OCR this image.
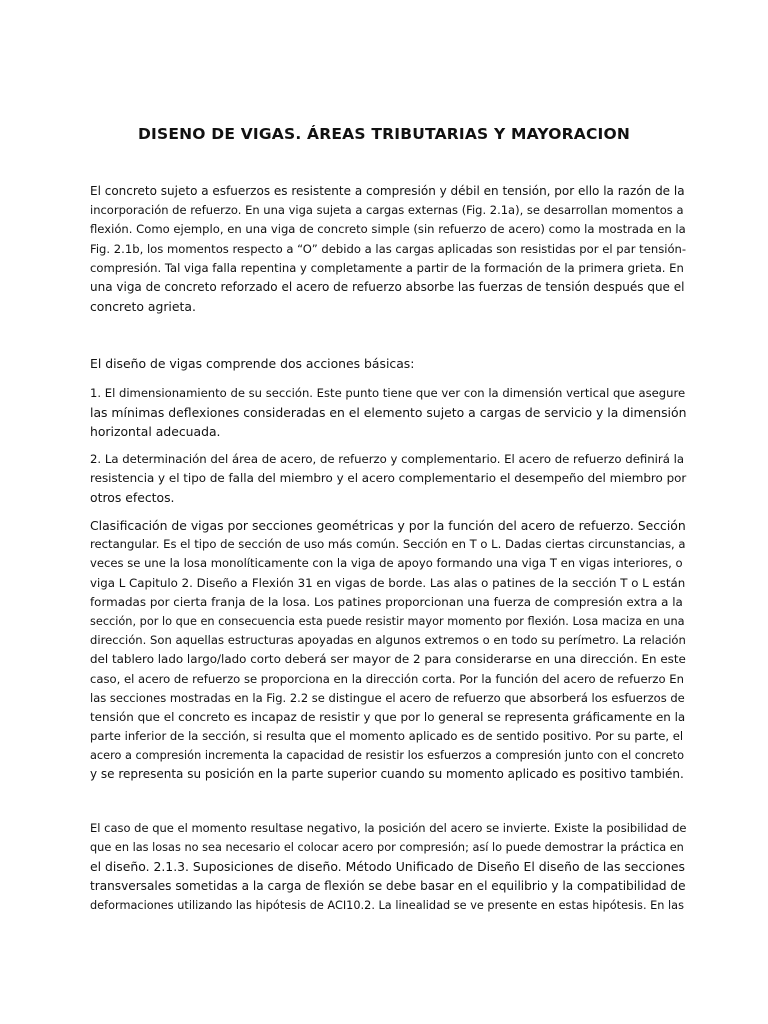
DISENO DE VIGAS. ÁREAS TRIBUTARIAS Y MAYORACION
El concreto sujeto a esfuerzos es resistente a compresión y débil en tensión, por ello la razón de la
incorporación de refuerzo. En una viga sujeta a cargas externas (Fig. 2.1a), se desarrollan momentos a
flexión. Como ejemplo, en una viga de concreto simple (sin refuerzo de acero) como la mostrada en la
Fig. 2.1b, los momentos respecto a “O” debido a las cargas aplicadas son resistidas por el par tensión-
compresión. Tal viga falla repentina y completamente a partir de la formación de la primera grieta. En
una viga de concreto reforzado el acero de refuerzo absorbe las fuerzas de tensión después que el
concreto agrieta.
El diseño de vigas comprende dos acciones básicas:
1. El dimensionamiento de su sección. Este punto tiene que ver con la dimensión vertical que asegure
las mínimas deflexiones consideradas en el elemento sujeto a cargas de servicio y la dimensión
horizontal adecuada.
2. La determinación del área de acero, de refuerzo y complementario. El acero de refuerzo definirá la
resistencia y el tipo de falla del miembro y el acero complementario el desempeño del miembro por
otros efectos.
Clasificación de vigas por secciones geométricas y por la función del acero de refuerzo. Sección
rectangular. Es el tipo de sección de uso más común. Sección en T o L. Dadas ciertas circunstancias, a
veces se une la losa monolíticamente con la viga de apoyo formando una viga T en vigas interiores, o
viga L Capitulo 2. Diseño a Flexión 31 en vigas de borde. Las alas o patines de la sección T o L están
formadas por cierta franja de la losa. Los patines proporcionan una fuerza de compresión extra a la
sección, por lo que en consecuencia esta puede resistir mayor momento por flexión. Losa maciza en una
dirección. Son aquellas estructuras apoyadas en algunos extremos o en todo su perímetro. La relación
del tablero lado largo/lado corto deberá ser mayor de 2 para considerarse en una dirección. En este
caso, el acero de refuerzo se proporciona en la dirección corta. Por la función del acero de refuerzo En
las secciones mostradas en la Fig. 2.2 se distingue el acero de refuerzo que absorberá los esfuerzos de
tensión que el concreto es incapaz de resistir y que por lo general se representa gráficamente en la
parte inferior de la sección, si resulta que el momento aplicado es de sentido positivo. Por su parte, el
acero a compresión incrementa la capacidad de resistir los esfuerzos a compresión junto con el concreto
y se representa su posición en la parte superior cuando su momento aplicado es positivo también.
El caso de que el momento resultase negativo, la posición del acero se invierte. Existe la posibilidad de
que en las losas no sea necesario el colocar acero por compresión; así lo puede demostrar la práctica en
el diseño. 2.1.3. Suposiciones de diseño. Método Unificado de Diseño El diseño de las secciones
transversales sometidas a la carga de flexión se debe basar en el equilibrio y la compatibilidad de
deformaciones utilizando las hipótesis de ACI10.2. La linealidad se ve presente en estas hipótesis. En las
